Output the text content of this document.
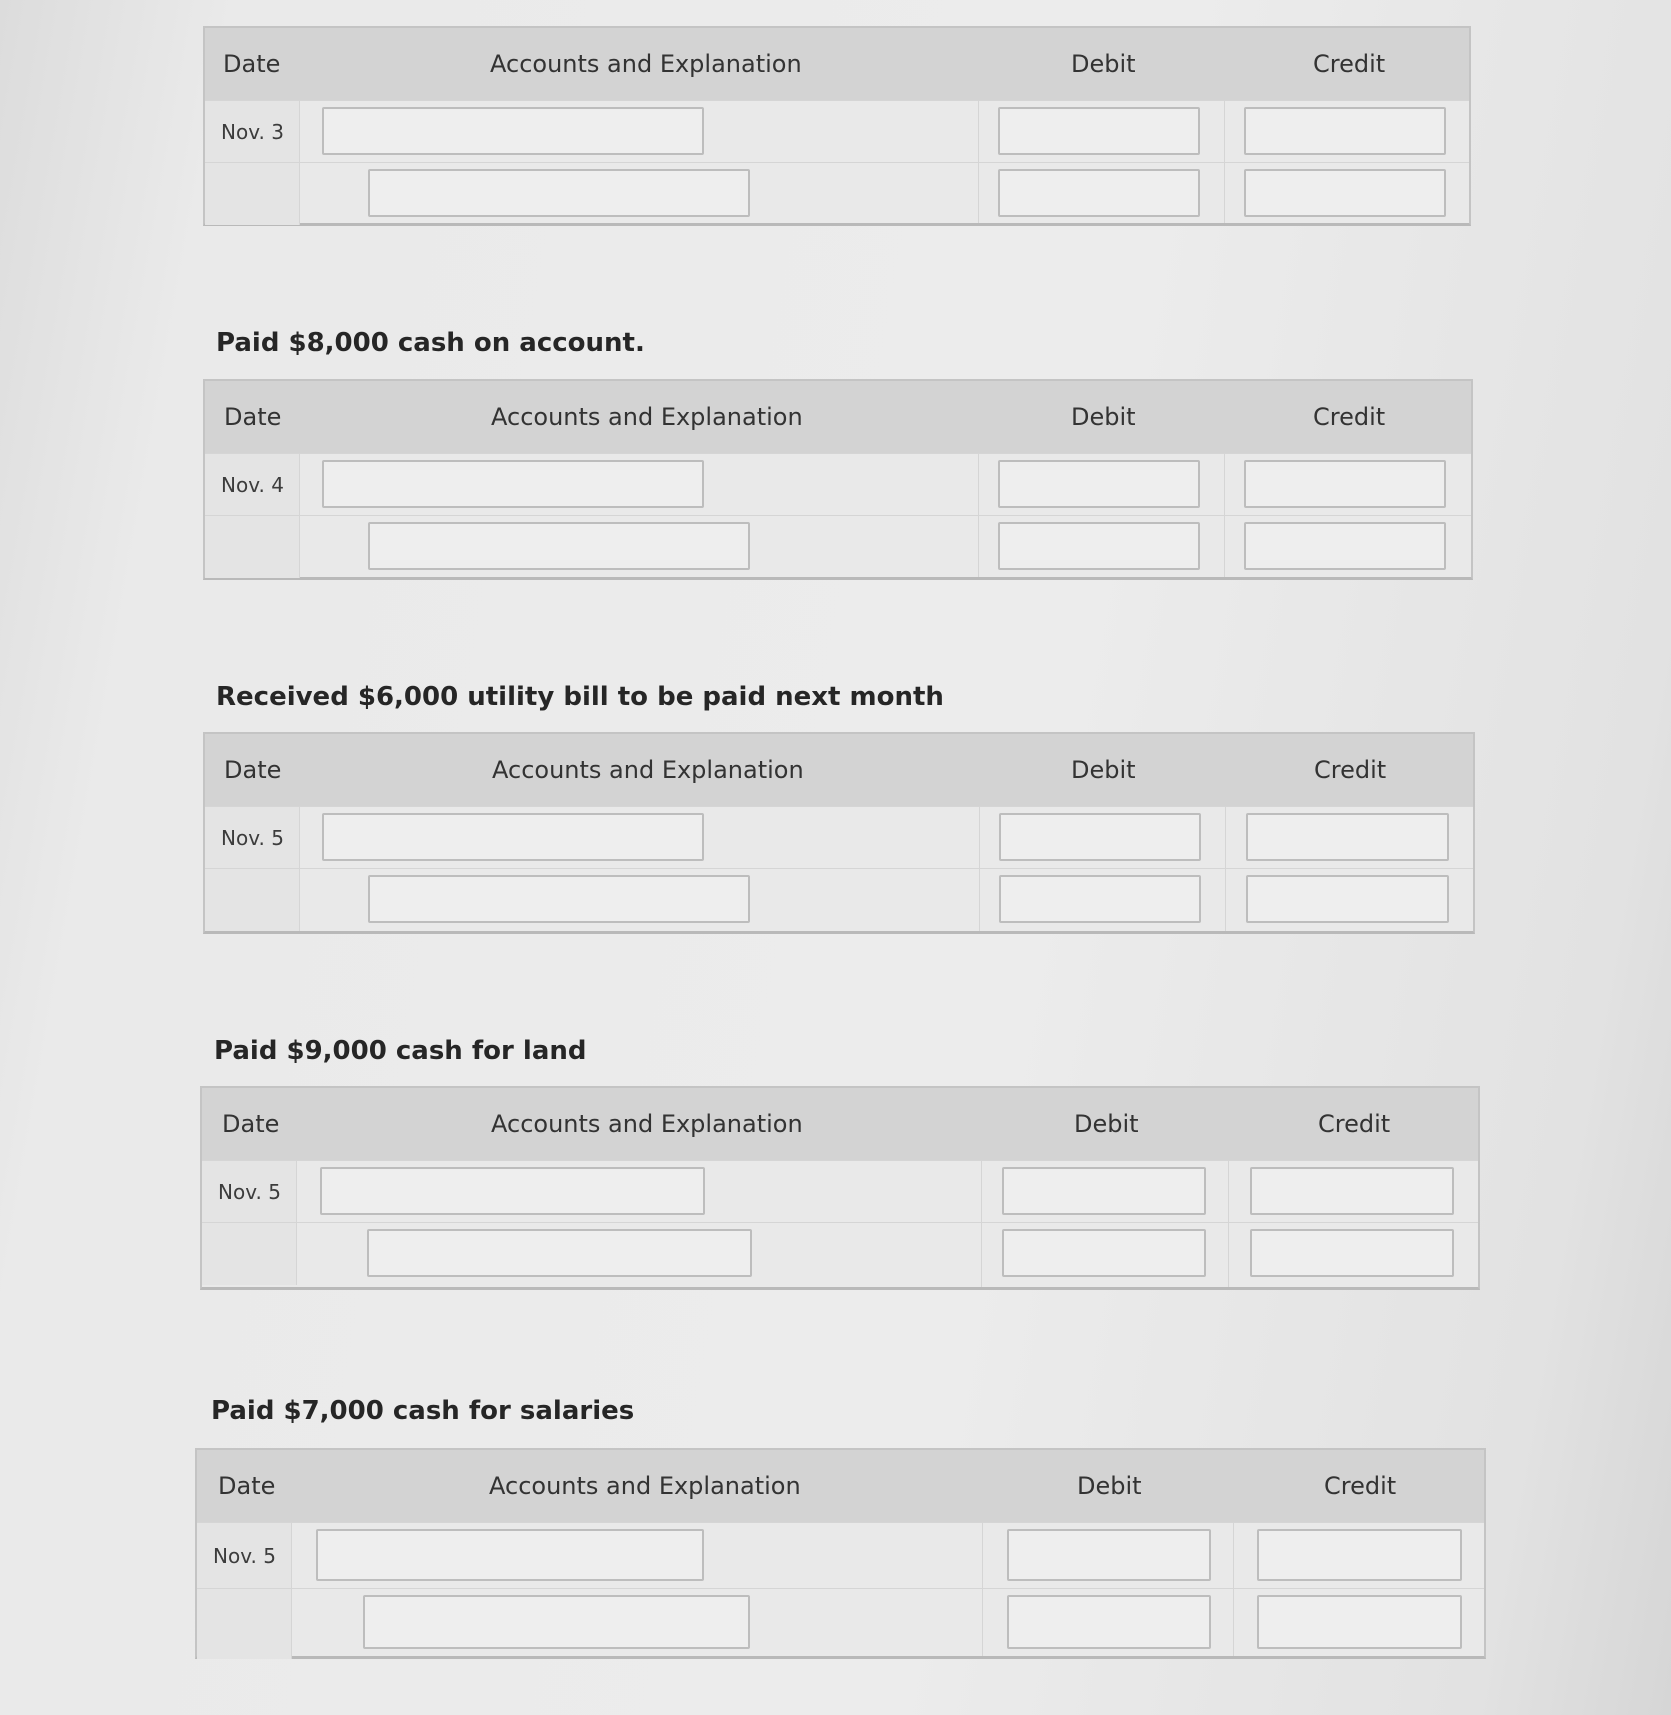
Date	Accounts and Explanation	Debit	Credit
Nov. 3
Paid $8,000 cash on account.
Date	Accounts and Explanation	Debit	Credit
Nov. 4
Received $6,000 utility bill to be paid next month
Date	Accounts and Explanation	Debit	Credit
Nov. 5
Paid $9,000 cash for land
Date	Accounts and Explanation	Debit	Credit
Nov. 5
Paid $7,000 cash for salaries
Date	Accounts and Explanation	Debit	Credit
Nov. 5
